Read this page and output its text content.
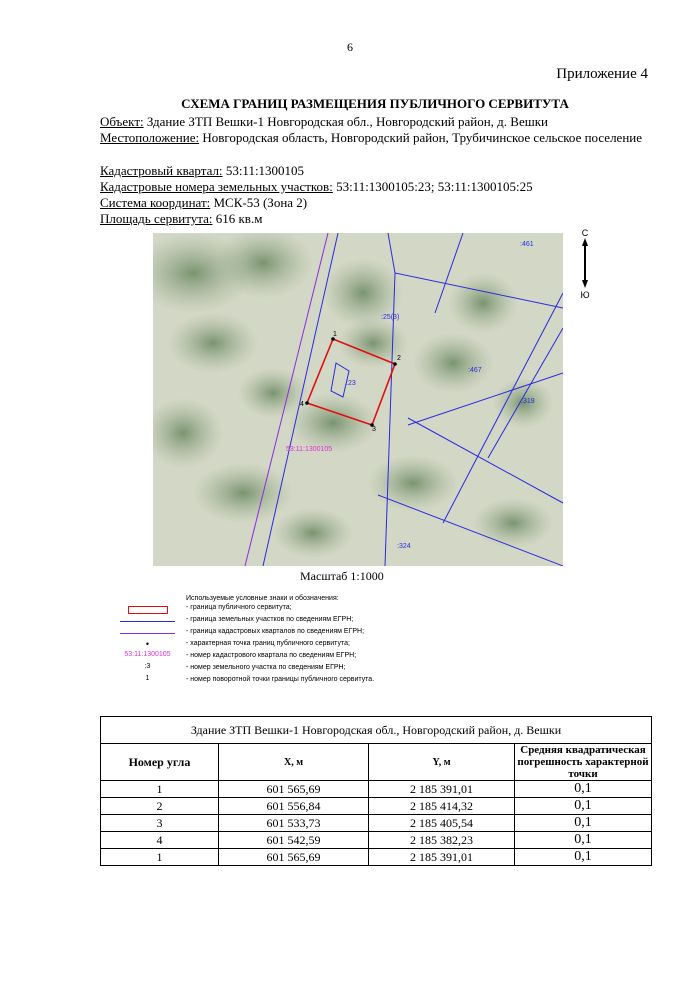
6
Приложение 4
СХЕМА ГРАНИЦ РАЗМЕЩЕНИЯ ПУБЛИЧНОГО СЕРВИТУТА
Объект: Здание ЗТП Вешки-1 Новгородская обл., Новгородский район, д. Вешки
Местоположение: Новгородская область, Новгородский район, Трубичинское сельское поселение
Кадастровый квартал: 53:11:1300105
Кадастровые номера земельных участков: 53:11:1300105:23; 53:11:1300105:25
Система координат: МСК-53 (Зона 2)
Площадь сервитута: 616 кв.м
1
2
3
4
:461
:25(3)
:467
:319
:324
:23
53:11:1300105
С
Ю
Масштаб 1:1000
Используемые условные знаки и обозначения:
- граница публичного сервитута;
- граница земельных участков по сведениям ЕГРН;
- граница кадастровых кварталов по сведениям ЕГРН;
•	- характерная точка границ публичного сервитута;
53:11:1300105	- номер кадастрового квартала по сведениям ЕГРН;
:3	- номер земельного участка по сведениям ЕГРН;
1	- номер поворотной точки границы публичного сервитута.
Здание ЗТП Вешки-1 Новгородская обл., Новгородский район, д. Вешки			
Номер угла	X, м	Y, м	Средняя квадратическая погрешность характерной точки
1	601 565,69	2 185 391,01	0,1
2	601 556,84	2 185 414,32	0,1
3	601 533,73	2 185 405,54	0,1
4	601 542,59	2 185 382,23	0,1
1	601 565,69	2 185 391,01	0,1
